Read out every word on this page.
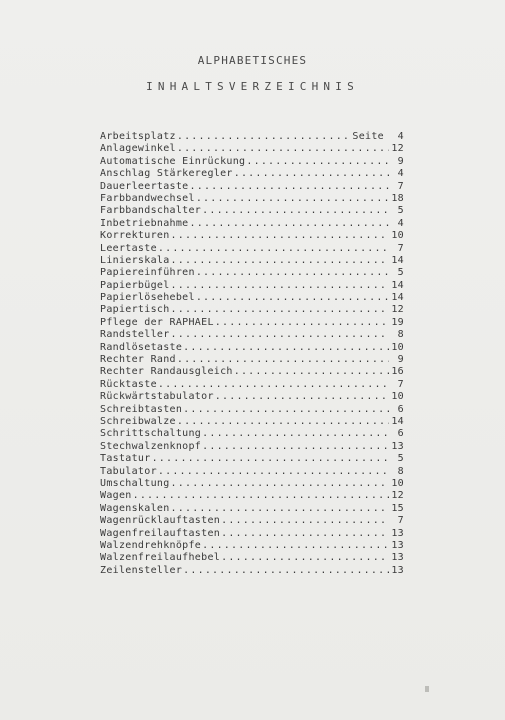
ALPHABETISCHES
INHALTSVERZEICHNIS
Arbeitsplatz .....	Seite	4
Anlagewinkel .....	12
Automatische Einrückung .....	9
Anschlag Stärkeregler .....	4
Dauerleertaste .....	7
Farbbandwechsel .....	18
Farbbandschalter .....	5
Inbetriebnahme .....	4
Korrekturen .....	10
Leertaste .....	7
Linierskala .....	14
Papiereinführen .....	5
Papierbügel .....	14
Papierlösehebel .....	14
Papiertisch .....	12
Pflege der RAPHAEL .....	19
Randsteller .....	8
Randlösetaste .....	10
Rechter Rand .....	9
Rechter Randausgleich .....	16
Rücktaste .....	7
Rückwärtstabulator .....	10
Schreibtasten .....	6
Schreibwalze .....	14
Schrittschaltung .....	6
Stechwalzenknopf .....	13
Tastatur .....	5
Tabulator .....	8
Umschaltung .....	10
Wagen .....	12
Wagenskalen .....	15
Wagenrücklauftasten .....	7
Wagenfreilauftasten .....	13
Walzendrehknöpfe .....	13
Walzenfreilaufhebel .....	13
Zeilensteller .....	13
